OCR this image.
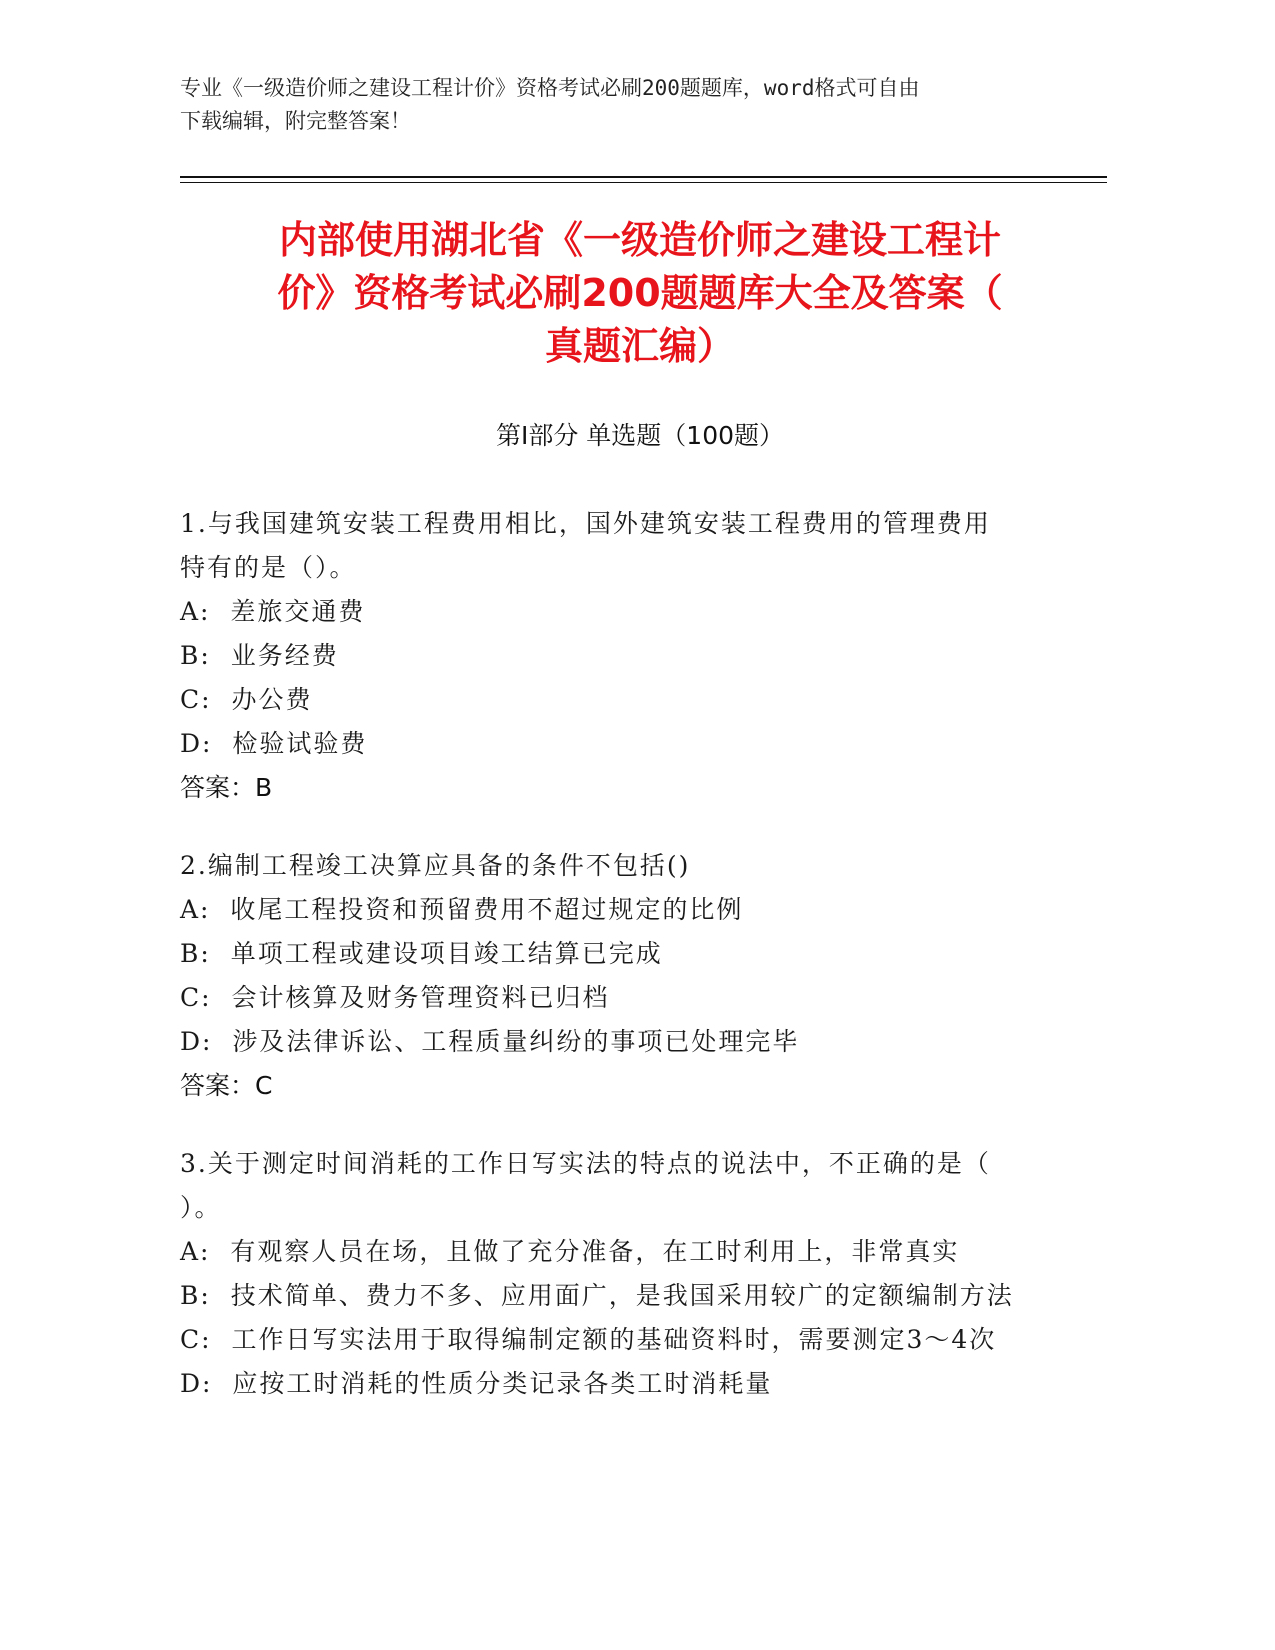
专业《一级造价师之建设工程计价》资格考试必刷200题题库，word格式可自由
下载编辑，附完整答案！
内部使用湖北省《一级造价师之建设工程计
价》资格考试必刷200题题库大全及答案（
真题汇编）
第Ⅰ部分 单选题（100题）
1.与我国建筑安装工程费用相比，国外建筑安装工程费用的管理费用
特有的是（）。
A:  差旅交通费
B:  业务经费
C:  办公费
D:  检验试验费
答案：B
2.编制工程竣工决算应具备的条件不包括()
A:  收尾工程投资和预留费用不超过规定的比例
B:  单项工程或建设项目竣工结算已完成
C:  会计核算及财务管理资料已归档
D:  涉及法律诉讼、工程质量纠纷的事项已处理完毕
答案：C
3.关于测定时间消耗的工作日写实法的特点的说法中，不正确的是（
）。
A:  有观察人员在场，且做了充分准备，在工时利用上，非常真实
B:  技术简单、费力不多、应用面广，是我国采用较广的定额编制方法
C:  工作日写实法用于取得编制定额的基础资料时，需要测定3～4次
D:  应按工时消耗的性质分类记录各类工时消耗量
